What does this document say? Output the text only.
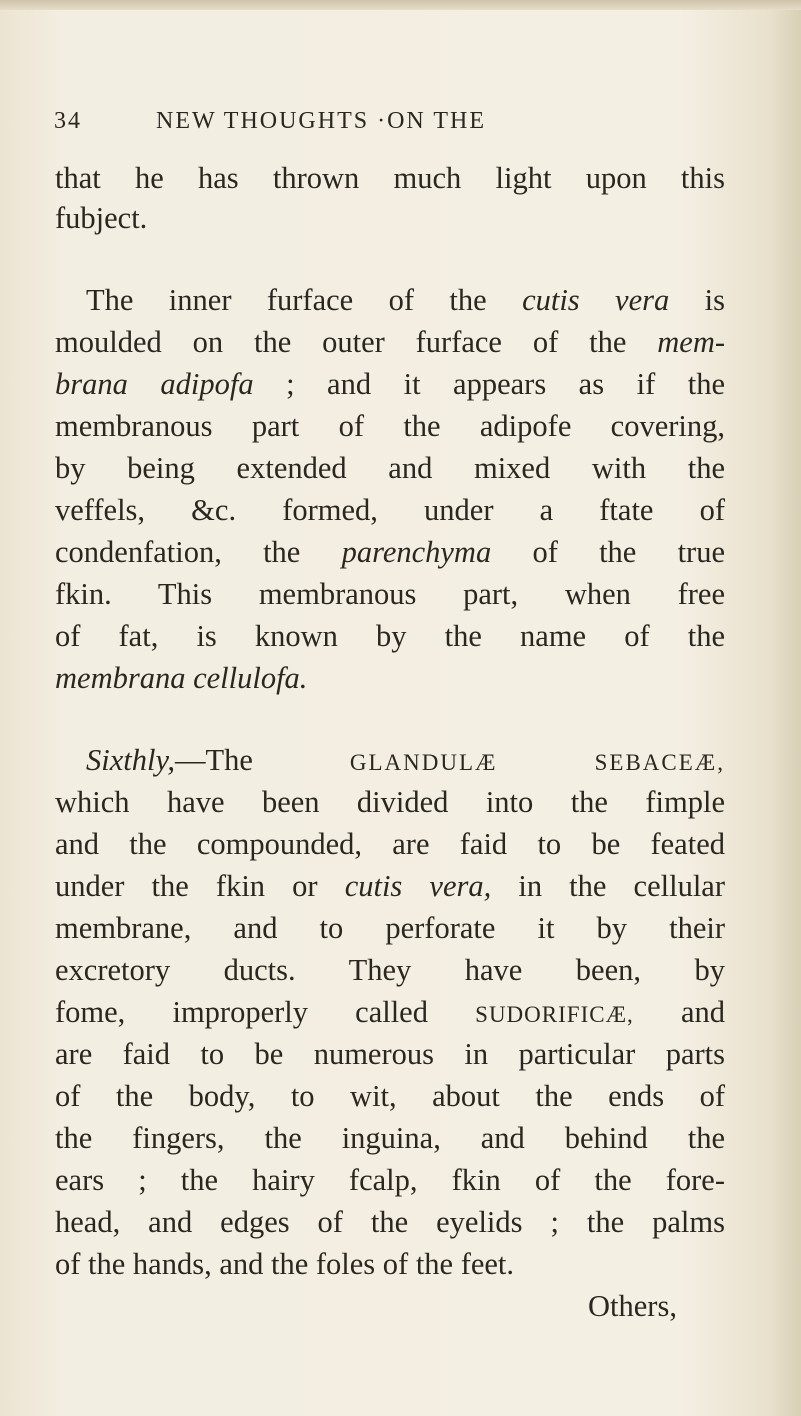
34	NEW THOUGHTS ·ON THE
that he has thrown much light upon this
fubject.
The inner furface of the cutis vera is
moulded on the outer furface of the mem-
brana adipofa ; and it appears as if the
membranous part of the adipofe covering,
by being extended and mixed with the
veffels, &c. formed, under a ftate of
condenfation, the parenchyma of the true
fkin. This membranous part, when free
of fat, is known by the name of the
membrana cellulofa.
Sixthly,—The GLANDULÆ SEBACEÆ,
which have been divided into the fimple
and the compounded, are faid to be feated
under the fkin or cutis vera, in the cellular
membrane, and to perforate it by their
excretory ducts. They have been, by
fome, improperly called SUDORIFICÆ, and
are faid to be numerous in particular parts
of the body, to wit, about the ends of
the fingers, the inguina, and behind the
ears ; the hairy fcalp, fkin of the fore-
head, and edges of the eyelids ; the palms
of the hands, and the foles of the feet.
Others,
